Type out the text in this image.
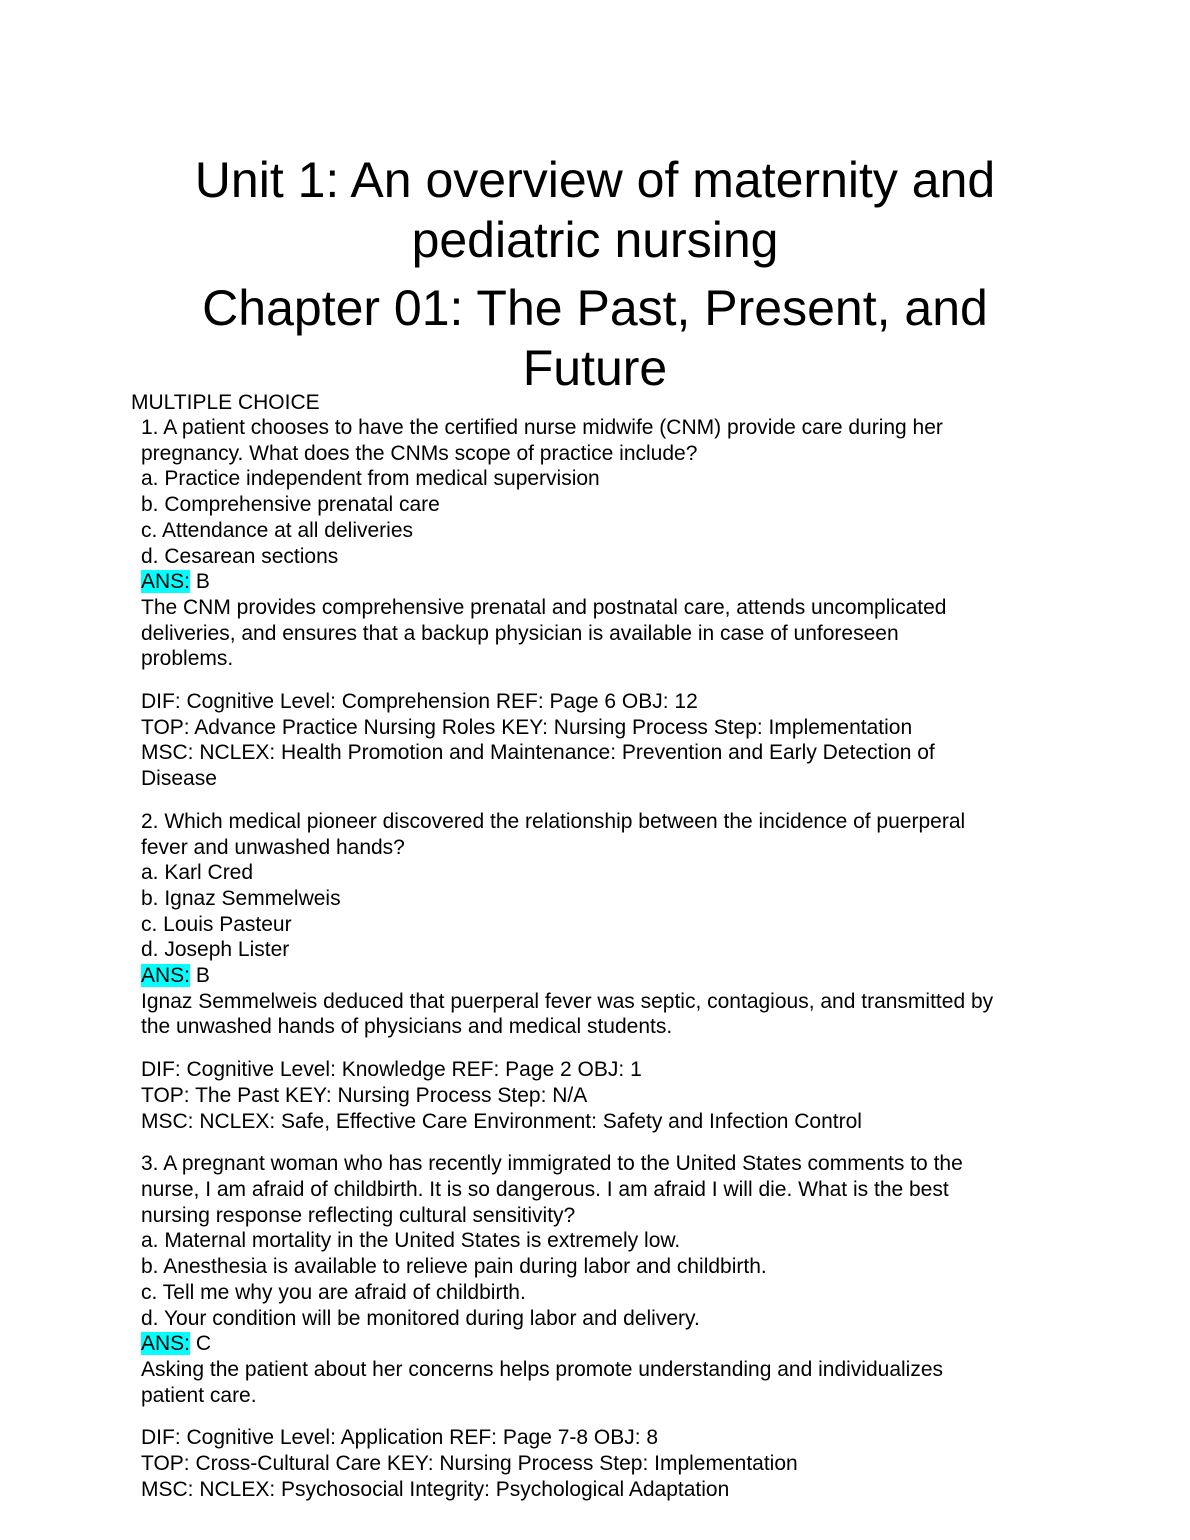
Unit 1: An overview of maternity and

pediatric nursing

Chapter 01: The Past, Present, and

Future

MULTIPLE CHOICE

1. A patient chooses to have the certified nurse midwife (CNM) provide care during her

pregnancy. What does the CNMs scope of practice include?

a. Practice independent from medical supervision

b. Comprehensive prenatal care

c. Attendance at all deliveries

d. Cesarean sections

ANS: B

The CNM provides comprehensive prenatal and postnatal care, attends uncomplicated

deliveries, and ensures that a backup physician is available in case of unforeseen

problems.

DIF: Cognitive Level: Comprehension REF: Page 6 OBJ: 12

TOP: Advance Practice Nursing Roles KEY: Nursing Process Step: Implementation

MSC: NCLEX: Health Promotion and Maintenance: Prevention and Early Detection of

Disease

2. Which medical pioneer discovered the relationship between the incidence of puerperal

fever and unwashed hands?

a. Karl Cred

b. Ignaz Semmelweis

c. Louis Pasteur

d. Joseph Lister

ANS: B

Ignaz Semmelweis deduced that puerperal fever was septic, contagious, and transmitted by

the unwashed hands of physicians and medical students.

DIF: Cognitive Level: Knowledge REF: Page 2 OBJ: 1

TOP: The Past KEY: Nursing Process Step: N/A

MSC: NCLEX: Safe, Effective Care Environment: Safety and Infection Control

3. A pregnant woman who has recently immigrated to the United States comments to the

nurse, I am afraid of childbirth. It is so dangerous. I am afraid I will die. What is the best

nursing response reflecting cultural sensitivity?

a. Maternal mortality in the United States is extremely low.

b. Anesthesia is available to relieve pain during labor and childbirth.

c. Tell me why you are afraid of childbirth.

d. Your condition will be monitored during labor and delivery.

ANS: C

Asking the patient about her concerns helps promote understanding and individualizes

patient care.

DIF: Cognitive Level: Application REF: Page 7-8 OBJ: 8

TOP: Cross-Cultural Care KEY: Nursing Process Step: Implementation

MSC: NCLEX: Psychosocial Integrity: Psychological Adaptation
